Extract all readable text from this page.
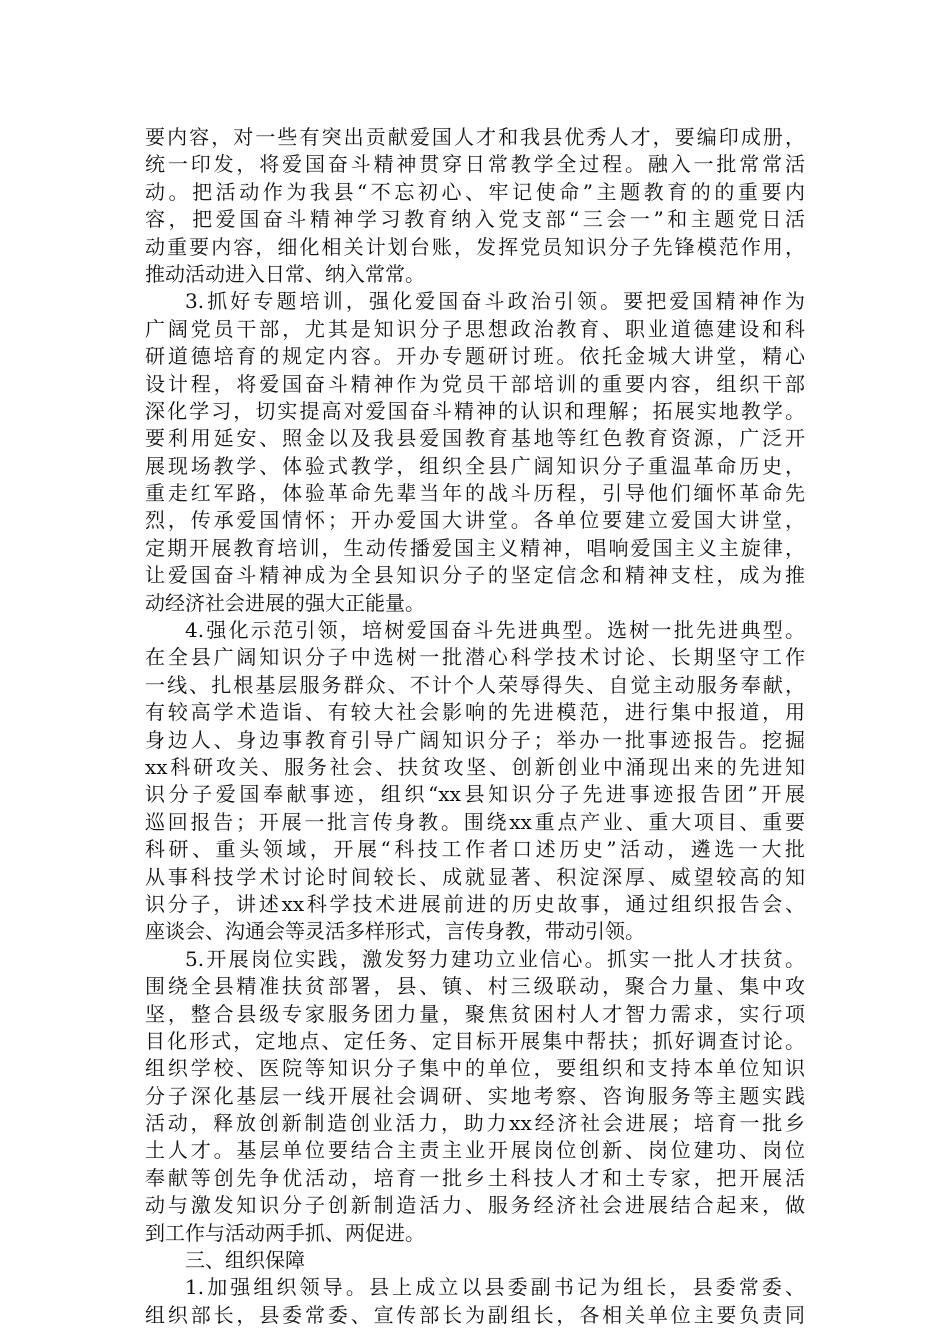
要内容，对一些有突出贡献爱国人才和我县优秀人才，要编印成册，
统一印发，将爱国奋斗精神贯穿日常教学全过程。融入一批常常活
动。把活动作为我县“不忘初心、牢记使命”主题教育的的重要内
容，把爱国奋斗精神学习教育纳入党支部“三会一”和主题党日活
动重要内容，细化相关计划台账，发挥党员知识分子先锋模范作用，
推动活动进入日常、纳入常常。
3.抓好专题培训，强化爱国奋斗政治引领。要把爱国精神作为
广阔党员干部，尤其是知识分子思想政治教育、职业道德建设和科
研道德培育的规定内容。开办专题研讨班。依托金城大讲堂，精心
设计程，将爱国奋斗精神作为党员干部培训的重要内容，组织干部
深化学习，切实提高对爱国奋斗精神的认识和理解；拓展实地教学。
要利用延安、照金以及我县爱国教育基地等红色教育资源，广泛开
展现场教学、体验式教学，组织全县广阔知识分子重温革命历史，
重走红军路，体验革命先辈当年的战斗历程，引导他们缅怀革命先
烈，传承爱国情怀；开办爱国大讲堂。各单位要建立爱国大讲堂，
定期开展教育培训，生动传播爱国主义精神，唱响爱国主义主旋律，
让爱国奋斗精神成为全县知识分子的坚定信念和精神支柱，成为推
动经济社会进展的强大正能量。
4.强化示范引领，培树爱国奋斗先进典型。选树一批先进典型。
在全县广阔知识分子中选树一批潜心科学技术讨论、长期坚守工作
一线、扎根基层服务群众、不计个人荣辱得失、自觉主动服务奉献，
有较高学术造诣、有较大社会影响的先进模范，进行集中报道，用
身边人、身边事教育引导广阔知识分子；举办一批事迹报告。挖掘
xx科研攻关、服务社会、扶贫攻坚、创新创业中涌现出来的先进知
识分子爱国奉献事迹，组织“xx县知识分子先进事迹报告团”开展
巡回报告；开展一批言传身教。围绕xx重点产业、重大项目、重要
科研、重头领域，开展“科技工作者口述历史”活动，遴选一大批
从事科技学术讨论时间较长、成就显著、积淀深厚、威望较高的知
识分子，讲述xx科学技术进展前进的历史故事，通过组织报告会、
座谈会、沟通会等灵活多样形式，言传身教，带动引领。
5.开展岗位实践，激发努力建功立业信心。抓实一批人才扶贫。
围绕全县精准扶贫部署，县、镇、村三级联动，聚合力量、集中攻
坚，整合县级专家服务团力量，聚焦贫困村人才智力需求，实行项
目化形式，定地点、定任务、定目标开展集中帮扶；抓好调查讨论。
组织学校、医院等知识分子集中的单位，要组织和支持本单位知识
分子深化基层一线开展社会调研、实地考察、咨询服务等主题实践
活动，释放创新制造创业活力，助力xx经济社会进展；培育一批乡
土人才。基层单位要结合主责主业开展岗位创新、岗位建功、岗位
奉献等创先争优活动，培育一批乡土科技人才和土专家，把开展活
动与激发知识分子创新制造活力、服务经济社会进展结合起来，做
到工作与活动两手抓、两促进。
三、组织保障
1.加强组织领导。县上成立以县委副书记为组长，县委常委、
组织部长，县委常委、宣传部长为副组长，各相关单位主要负责同
